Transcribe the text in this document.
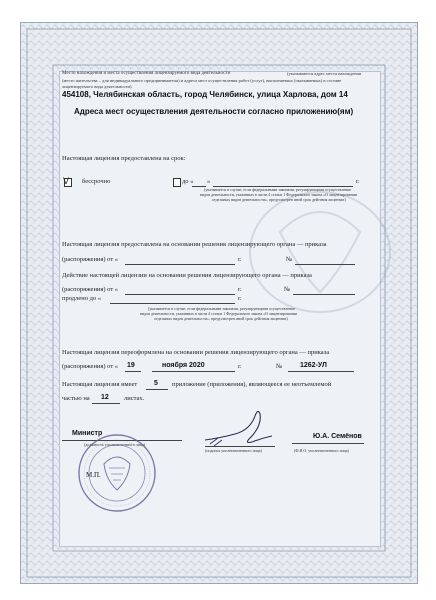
Место нахождения и места осуществления лицензируемого вида деятельности	(указываются адрес места нахождения
(место жительства – для индивидуального предпринимателя) и адреса мест осуществления работ (услуг), выполняемых (оказываемых) в составе
лицензируемого вида деятельности)
454108, Челябинская область, город Челябинск, улица Харлова, дом 14
Адреса мест осуществления деятельности согласно приложению(ям)
Настоящая лицензия предоставлена на срок:
V бессрочно	до « »	г.
(указывается в случае, если федеральными законами, регулирующими осуществление
видов деятельности, указанных в части 4 статьи 1 Федерального закона «О лицензировании
отдельных видов деятельности», предусмотрен иной срок действия лицензии)
Настоящая лицензия предоставлена на основании решения лицензирующего органа — приказа
(распоряжения) от «	г.	№
Действие настоящей лицензии на основании решения лицензирующего органа — приказа
(распоряжения) от «	г.	№
продлено до «	г.
(указывается в случае, если федеральными законами, регулирующими осуществление
видов деятельности, указанных в части 4 статьи 1 Федерального закона «О лицензировании
отдельных видов деятельности», предусмотрен иной срок действия лицензии)
Настоящая лицензия переоформлена на основании решения лицензирующего органа — приказа
(распоряжения) от « 19	ноября 2020	г.	№	1262-УЛ
Настоящая лицензия имеет 5 приложение (приложения), являющееся ее неотъемлемой
частью на 12 листах.
Министр
(должность уполномоченного лица)
(подпись уполномоченного лица)
Ю.А. Семёнов
(Ф.И.О. уполномоченного лица)
М.П.
